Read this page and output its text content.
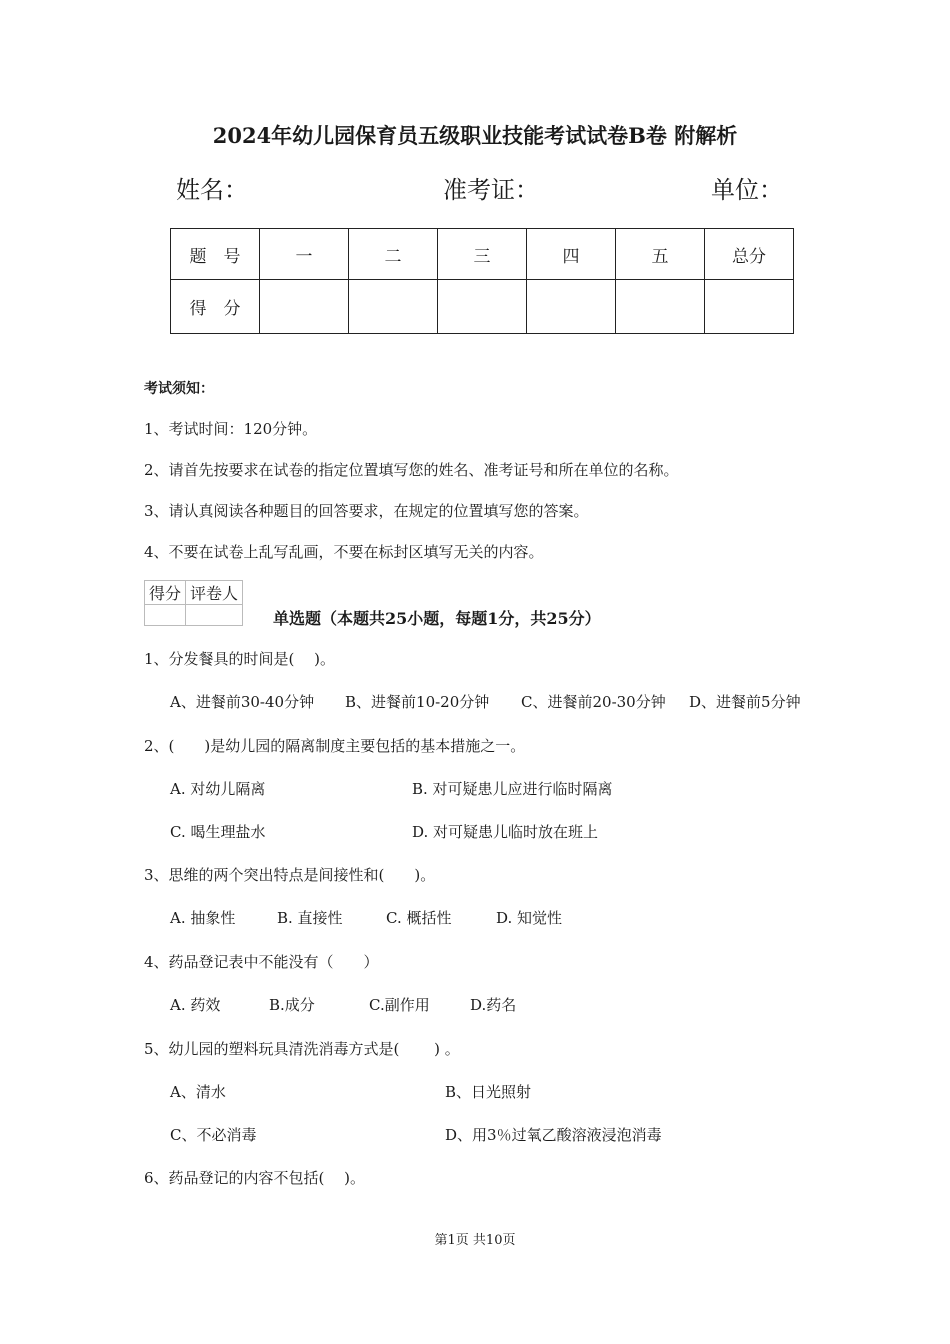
2024年幼儿园保育员五级职业技能考试试卷B卷 附解析
姓名：	准考证：	单位：
题　号	一	二	三	四	五	总分
得　分						
考试须知：
1、考试时间：120分钟。
2、请首先按要求在试卷的指定位置填写您的姓名、准考证号和所在单位的名称。
3、请认真阅读各种题目的回答要求，在规定的位置填写您的答案。
4、不要在试卷上乱写乱画，不要在标封区填写无关的内容。
得分	评卷人

单选题（本题共25小题，每题1分，共25分）
1、分发餐具的时间是(　 )。
A、进餐前30-40分钟 B、进餐前10-20分钟 C、进餐前20-30分钟 D、进餐前5分钟
2、(　　)是幼儿园的隔离制度主要包括的基本措施之一。
A. 对幼儿隔离	B. 对可疑患儿应进行临时隔离
C. 喝生理盐水	D. 对可疑患儿临时放在班上
3、思维的两个突出特点是间接性和(　　)。
A. 抽象性	B. 直接性	C. 概括性	D. 知觉性
4、药品登记表中不能没有（　　）
A. 药效	B.成分	C.副作用	D.药名
5、幼儿园的塑料玩具清洗消毒方式是(　　 ) 。
A、清水	B、日光照射
C、不必消毒	D、用3％过氧乙酸溶液浸泡消毒
6、药品登记的内容不包括(　 )。
第1页 共10页
